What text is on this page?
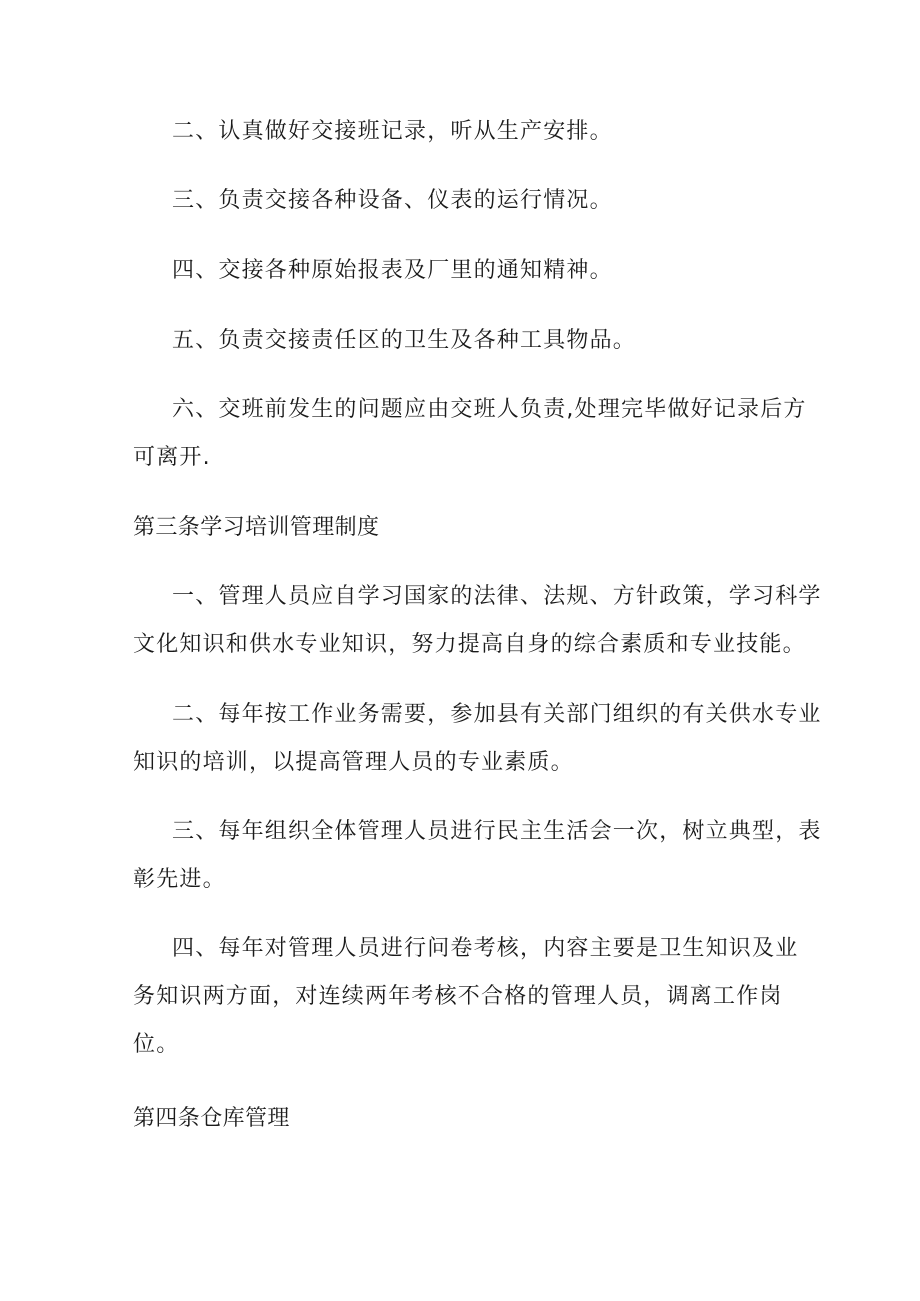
二、认真做好交接班记录，听从生产安排。
三、负责交接各种设备、仪表的运行情况。
四、交接各种原始报表及厂里的通知精神。
五、负责交接责任区的卫生及各种工具物品。
六、交班前发生的问题应由交班人负责,处理完毕做好记录后方
可离开.
第三条学习培训管理制度
一、管理人员应自学习国家的法律、法规、方针政策，学习科学
文化知识和供水专业知识，努力提高自身的综合素质和专业技能。
二、每年按工作业务需要，参加县有关部门组织的有关供水专业
知识的培训，以提高管理人员的专业素质。
三、每年组织全体管理人员进行民主生活会一次，树立典型，表
彰先进。
四、每年对管理人员进行问卷考核，内容主要是卫生知识及业
务知识两方面，对连续两年考核不合格的管理人员，调离工作岗
位。
第四条仓库管理
